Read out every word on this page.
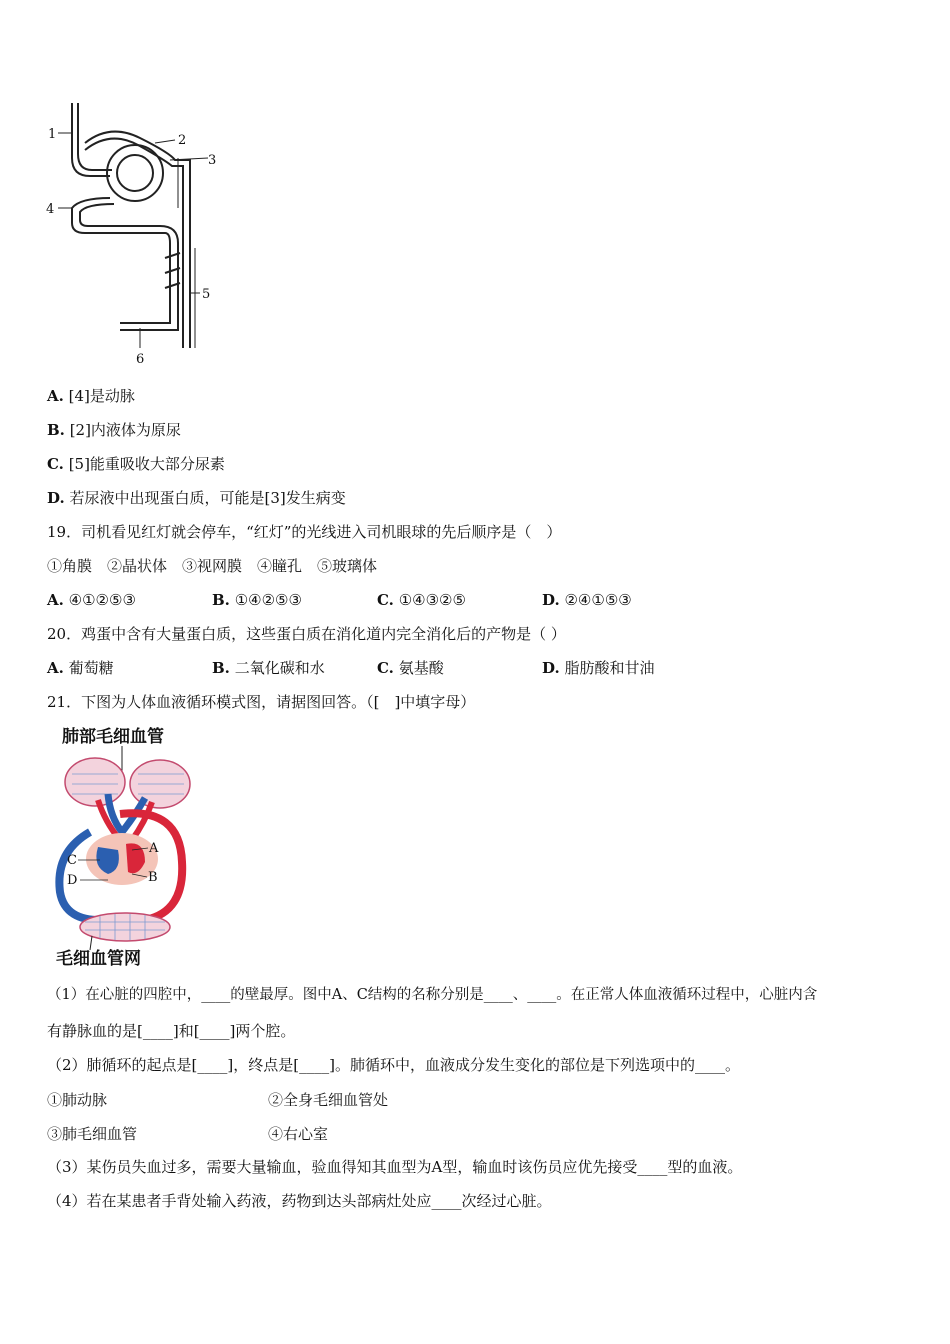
1	2
3
4
5
6
A. [4]是动脉
B. [2]内液体为原尿
C. [5]能重吸收大部分尿素
D. 若尿液中出现蛋白质，可能是[3]发生病变
19．司机看见红灯就会停车，“红灯”的光线进入司机眼球的先后顺序是（　）
①角膜　②晶状体　③视网膜　④瞳孔　⑤玻璃体
A. ④①②⑤③	B. ①④②⑤③	C. ①④③②⑤	D. ②④①⑤③
20．鸡蛋中含有大量蛋白质，这些蛋白质在消化道内完全消化后的产物是（ ）
A. 葡萄糖	B. 二氧化碳和水	C. 氨基酸	D. 脂肪酸和甘油
21．下图为人体血液循环模式图，请据图回答。（[　]中填字母）
肺部毛细血管
A
B
C
D
毛细血管网
（1）在心脏的四腔中，____的壁最厚。图中A、C结构的名称分别是____、____。在正常人体血液循环过程中，心脏内含
有静脉血的是[____]和[____]两个腔。
（2）肺循环的起点是[____]，终点是[____]。肺循环中，血液成分发生变化的部位是下列选项中的____。
①肺动脉	②全身毛细血管处
③肺毛细血管	④右心室
（3）某伤员失血过多，需要大量输血，验血得知其血型为A型，输血时该伤员应优先接受____型的血液。
（4）若在某患者手背处输入药液，药物到达头部病灶处应____次经过心脏。
